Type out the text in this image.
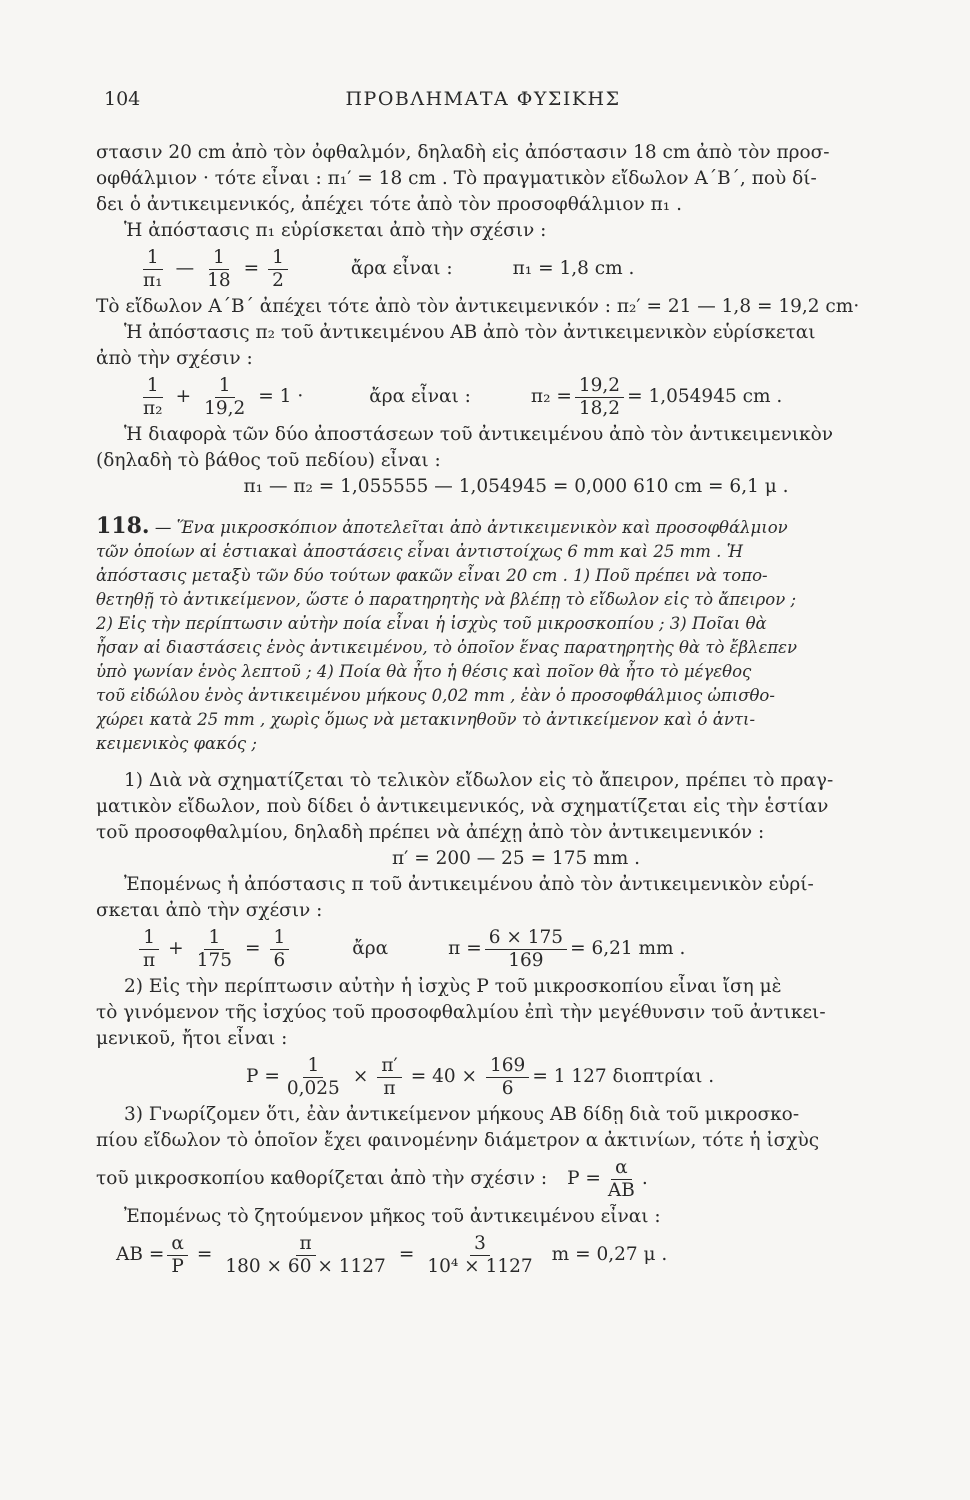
104	ΠΡΟΒΛΗΜΑΤΑ ΦΥΣΙΚΗΣ
στασιν 20 cm ἀπὸ τὸν ὀφθαλμόν, δηλαδὴ εἰς ἀπόστασιν 18 cm ἀπὸ τὸν προσ-
οφθάλμιον · τότε εἶναι : π₁′ = 18 cm . Τὸ πραγματικὸν εἴδωλον Α΄Β΄, ποὺ δί-
δει ὁ ἀντικειμενικός, ἀπέχει τότε ἀπὸ τὸν προσοφθάλμιον π₁ .
Ἡ ἀπόστασις π₁ εὑρίσκεται ἀπὸ τὴν σχέσιν :
$\frac{1}{\text{π₁}}$ — $\frac{1}{18} = \frac{1}{2}$	ἄρα εἶναι :	π₁ = 1,8 cm .
Τὸ εἴδωλον Α΄Β΄ ἀπέχει τότε ἀπὸ τὸν ἀντικειμενικόν : π₂′ = 21 — 1,8 = 19,2 cm·
Ἡ ἀπόστασις π₂ τοῦ ἀντικειμένου ΑΒ ἀπὸ τὸν ἀντικειμενικὸν εὑρίσκεται
ἀπὸ τὴν σχέσιν :
$\frac{1}{\text{π₂}} + \frac{1}{19,2} = 1$ ·	ἄρα εἶναι :	$\pi_2 = \frac{19,2}{18,2} = 1,054945$ cm .
Ἡ διαφορὰ τῶν δύο ἀποστάσεων τοῦ ἀντικειμένου ἀπὸ τὸν ἀντικειμενικὸν
(δηλαδὴ τὸ βάθος τοῦ πεδίου) εἶναι :
π₁ — π₂ = 1,055555 — 1,054945 = 0,000 610 cm = 6,1 μ .
118. — Ἕνα μικροσκόπιον ἀποτελεῖται ἀπὸ ἀντικειμενικὸν καὶ προσοφθάλμιον
τῶν ὁποίων αἱ ἑστιακαὶ ἀποστάσεις εἶναι ἀντιστοίχως 6 mm καὶ 25 mm . Ἡ
ἀπόστασις μεταξὺ τῶν δύο τούτων φακῶν εἶναι 20 cm . 1) Ποῦ πρέπει νὰ τοπο-
θετηθῇ τὸ ἀντικείμενον, ὥστε ὁ παρατηρητὴς νὰ βλέπῃ τὸ εἴδωλον εἰς τὸ ἄπειρον ;
2) Εἰς τὴν περίπτωσιν αὐτὴν ποία εἶναι ἡ ἰσχὺς τοῦ μικροσκοπίου ; 3) Ποῖαι θὰ
ἦσαν αἱ διαστάσεις ἑνὸς ἀντικειμένου, τὸ ὁποῖον ἕνας παρατηρητὴς θὰ τὸ ἔβλεπεν
ὑπὸ γωνίαν ἑνὸς λεπτοῦ ; 4) Ποία θὰ ἦτο ἡ θέσις καὶ ποῖον θὰ ἦτο τὸ μέγεθος
τοῦ εἰδώλου ἑνὸς ἀντικειμένου μήκους 0,02 mm , ἐὰν ὁ προσοφθάλμιος ὠπισθο-
χώρει κατὰ 25 mm , χωρὶς ὅμως νὰ μετακινηθοῦν τὸ ἀντικείμενον καὶ ὁ ἀντι-
κειμενικὸς φακός ;
1) Διὰ νὰ σχηματίζεται τὸ τελικὸν εἴδωλον εἰς τὸ ἄπειρον, πρέπει τὸ πραγ-
ματικὸν εἴδωλον, ποὺ δίδει ὁ ἀντικειμενικός, νὰ σχηματίζεται εἰς τὴν ἑστίαν
τοῦ προσοφθαλμίου, δηλαδὴ πρέπει νὰ ἀπέχῃ ἀπὸ τὸν ἀντικειμενικόν :
π′ = 200 — 25 = 175 mm .
Ἐπομένως ἡ ἀπόστασις π τοῦ ἀντικειμένου ἀπὸ τὸν ἀντικειμενικὸν εὑρί-
σκεται ἀπὸ τὴν σχέσιν :
$\frac{1}{\pi} + \frac{1}{175} = \frac{1}{6}$	ἄρα	$\pi = \frac{6 \times 175}{169} = 6,21$ mm .
2) Εἰς τὴν περίπτωσιν αὐτὴν ἡ ἰσχὺς Ρ τοῦ μικροσκοπίου εἶναι ἴση μὲ
τὸ γινόμενον τῆς ἰσχύος τοῦ προσοφθαλμίου ἐπὶ τὴν μεγέθυνσιν τοῦ ἀντικει-
μενικοῦ, ἤτοι εἶναι :
$P = \frac{1}{0,025} \times \frac{\pi'}{\pi} = 40 \times \frac{169}{6} = 1$ 127 διοπτρίαι .
3) Γνωρίζομεν ὅτι, ἐὰν ἀντικείμενον μήκους ΑΒ δίδῃ διὰ τοῦ μικροσκο-
πίου εἴδωλον τὸ ὁποῖον ἔχει φαινομένην διάμετρον α ἀκτινίων, τότε ἡ ἰσχὺς
τοῦ μικροσκοπίου καθορίζεται ἀπὸ τὴν σχέσιν : $P = \frac{\alpha}{AB}$ .
Ἐπομένως τὸ ζητούμενον μῆκος τοῦ ἀντικειμένου εἶναι :
$AB = \frac{\alpha}{P} = \frac{\pi}{180 \times 60 \times 1127} = \frac{3}{\text{10⁴ × 1127}}$ m = 0,27 μ .
